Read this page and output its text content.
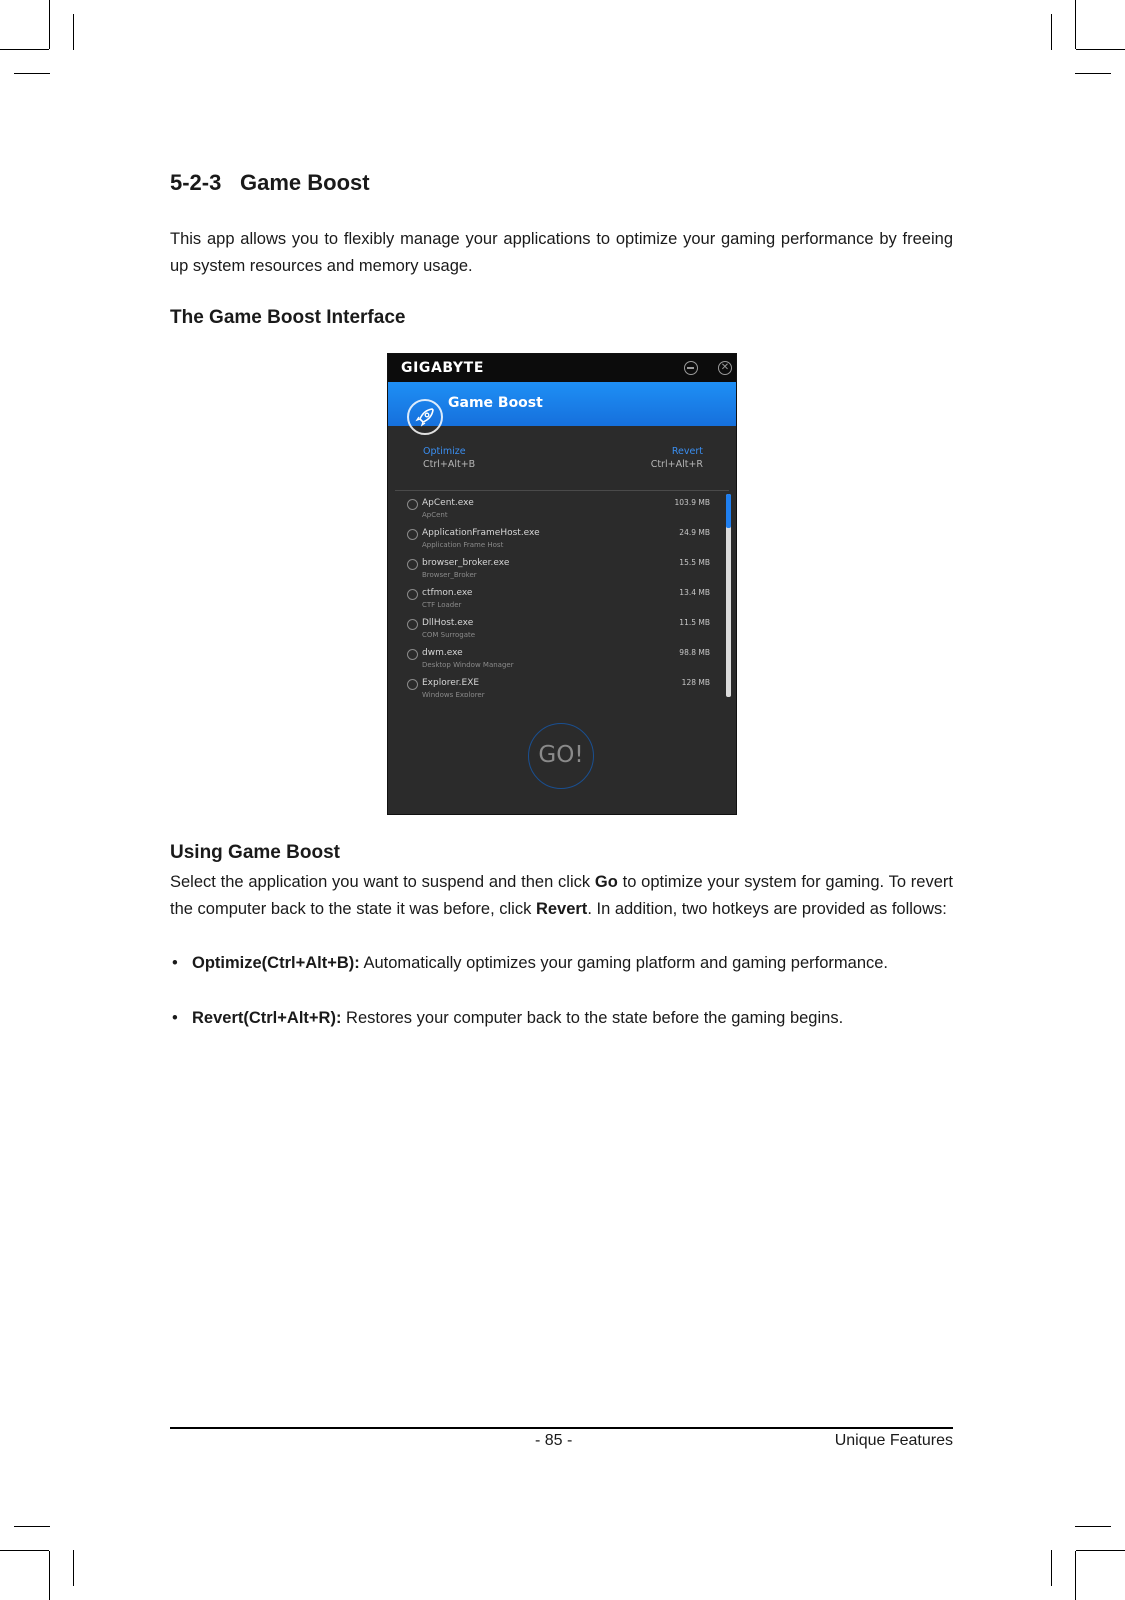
5-2-3 Game Boost

This app allows you to flexibly manage your applications to optimize your gaming performance by freeing up system resources and memory usage.

The Game Boost Interface
Using Game Boost

Select the application you want to suspend and then click Go to optimize your system for gaming. To revert the computer back to the state it was before, click Revert. In addition, two hotkeys are provided as follows:

• Optimize(Ctrl+Alt+B): Automatically optimizes your gaming platform and gaming performance.
• Revert(Ctrl+Alt+R): Restores your computer back to the state before the gaming begins.
- 85 -	Unique Features
GIGABYTE	✕
Game Boost
Optimize
Ctrl+Alt+B
Revert
Ctrl+Alt+R
ApCent.exe
ApCent
103.9 MB
ApplicationFrameHost.exe
Application Frame Host
24.9 MB
browser_broker.exe
Browser_Broker
15.5 MB
ctfmon.exe
CTF Loader
13.4 MB
DllHost.exe
COM Surrogate
11.5 MB
dwm.exe
Desktop Window Manager
98.8 MB
Explorer.EXE
Windows Explorer
128 MB
GO!
